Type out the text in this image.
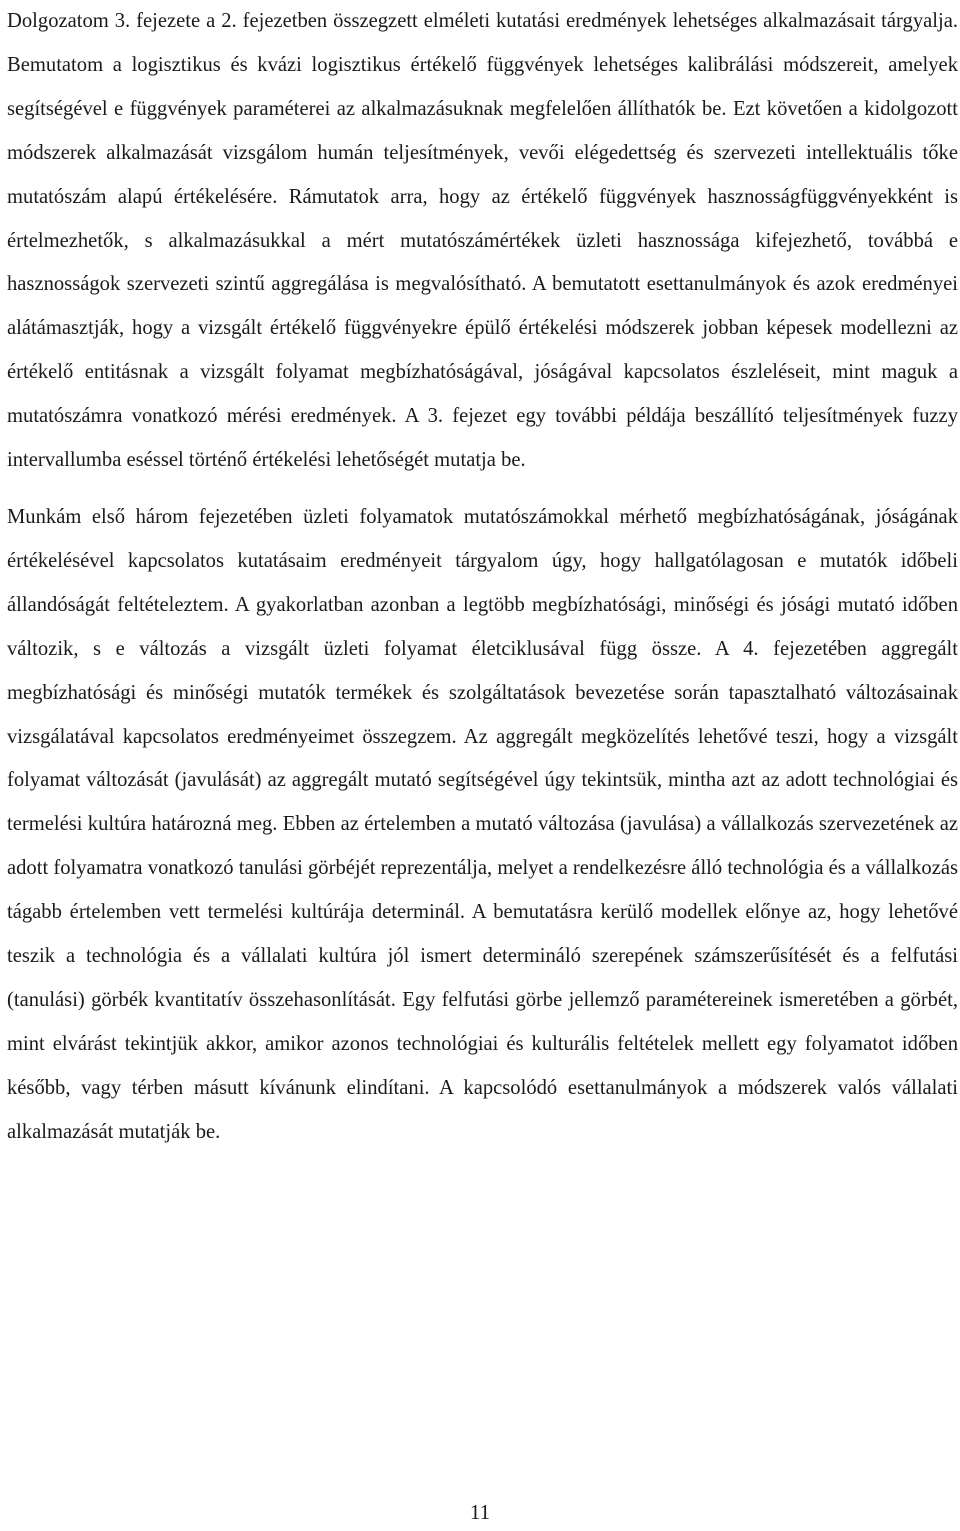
Dolgozatom 3. fejezete a 2. fejezetben összegzett elméleti kutatási eredmények lehetséges alkalmazásait tárgyalja. Bemutatom a logisztikus és kvázi logisztikus értékelő függvények lehetséges kalibrálási módszereit, amelyek segítségével e függvények paraméterei az alkalmazásuknak megfelelően állíthatók be. Ezt követően a kidolgozott módszerek alkalmazását vizsgálom humán teljesítmények, vevői elégedettség és szervezeti intellektuális tőke mutatószám alapú értékelésére. Rámutatok arra, hogy az értékelő függvények hasznosságfüggvényekként is értelmezhetők, s alkalmazásukkal a mért mutatószámértékek üzleti hasznossága kifejezhető, továbbá e hasznosságok szervezeti szintű aggregálása is megvalósítható. A bemutatott esettanulmányok és azok eredményei alátámasztják, hogy a vizsgált értékelő függvényekre épülő értékelési módszerek jobban képesek modellezni az értékelő entitásnak a vizsgált folyamat megbízhatóságával, jóságával kapcsolatos észleléseit, mint maguk a mutatószámra vonatkozó mérési eredmények. A 3. fejezet egy további példája beszállító teljesítmények fuzzy intervallumba eséssel történő értékelési lehetőségét mutatja be.

Munkám első három fejezetében üzleti folyamatok mutatószámokkal mérhető megbízhatóságának, jóságának értékelésével kapcsolatos kutatásaim eredményeit tárgyalom úgy, hogy hallgatólagosan e mutatók időbeli állandóságát feltételeztem. A gyakorlatban azonban a legtöbb megbízhatósági, minőségi és jósági mutató időben változik, s e változás a vizsgált üzleti folyamat életciklusával függ össze. A 4. fejezetében aggregált megbízhatósági és minőségi mutatók termékek és szolgáltatások bevezetése során tapasztalható változásainak vizsgálatával kapcsolatos eredményeimet összegzem. Az aggregált megközelítés lehetővé teszi, hogy a vizsgált folyamat változását (javulását) az aggregált mutató segítségével úgy tekintsük, mintha azt az adott technológiai és termelési kultúra határozná meg. Ebben az értelemben a mutató változása (javulása) a vállalkozás szervezetének az adott folyamatra vonatkozó tanulási görbéjét reprezentálja, melyet a rendelkezésre álló technológia és a vállalkozás tágabb értelemben vett termelési kultúrája determinál. A bemutatásra kerülő modellek előnye az, hogy lehetővé teszik a technológia és a vállalati kultúra jól ismert determináló szerepének számszerűsítését és a felfutási (tanulási) görbék kvantitatív összehasonlítását. Egy felfutási görbe jellemző paramétereinek ismeretében a görbét, mint elvárást tekintjük akkor, amikor azonos technológiai és kulturális feltételek mellett egy folyamatot időben később, vagy térben másutt kívánunk elindítani. A kapcsolódó esettanulmányok a módszerek valós vállalati alkalmazását mutatják be.

11
